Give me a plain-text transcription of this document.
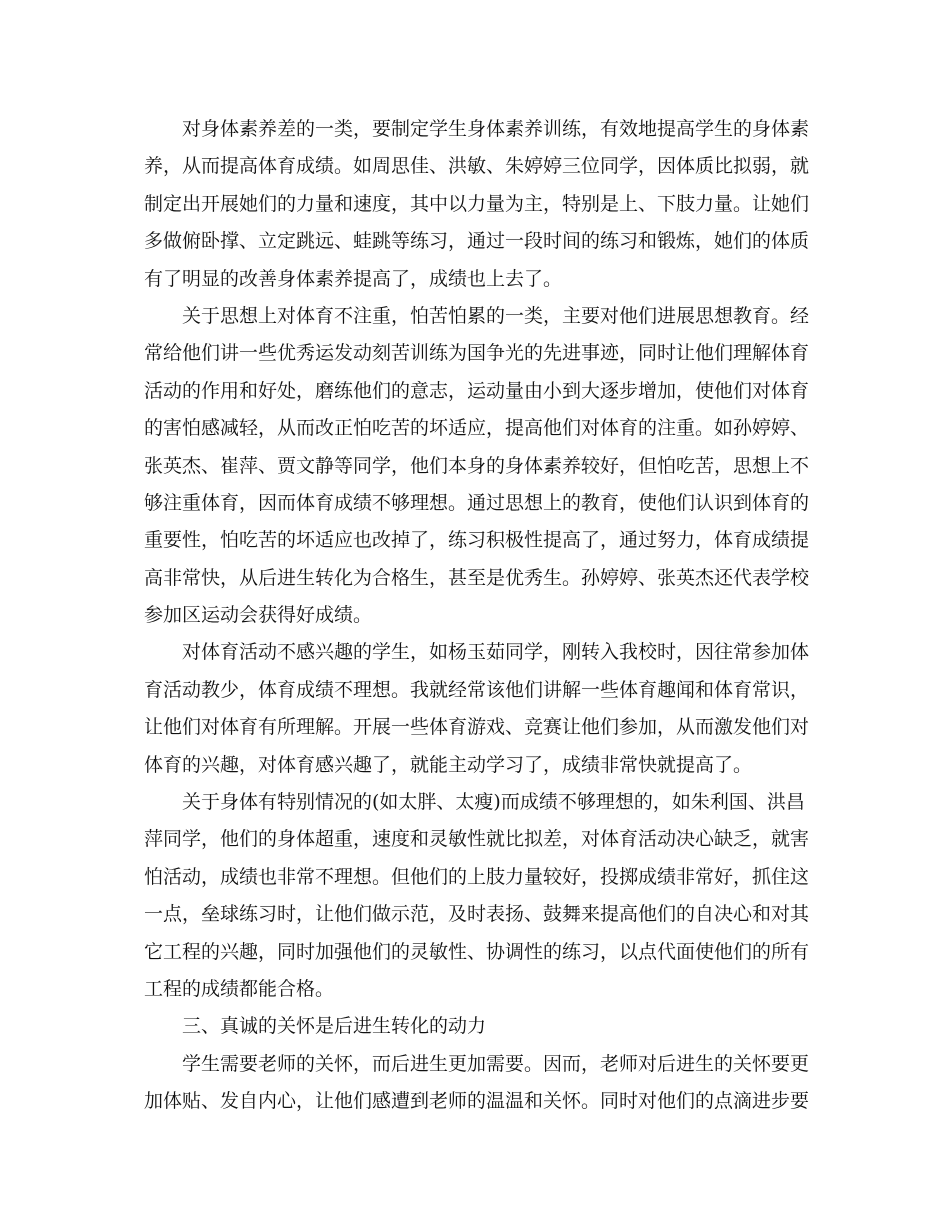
对身体素养差的一类，要制定学生身体素养训练，有效地提高学生的身体素
养，从而提高体育成绩。如周思佳、洪敏、朱婷婷三位同学，因体质比拟弱，就
制定出开展她们的力量和速度，其中以力量为主，特别是上、下肢力量。让她们
多做俯卧撑、立定跳远、蛙跳等练习，通过一段时间的练习和锻炼，她们的体质
有了明显的改善身体素养提高了，成绩也上去了。
关于思想上对体育不注重，怕苦怕累的一类，主要对他们进展思想教育。经
常给他们讲一些优秀运发动刻苦训练为国争光的先进事迹，同时让他们理解体育
活动的作用和好处，磨练他们的意志，运动量由小到大逐步增加，使他们对体育
的害怕感减轻，从而改正怕吃苦的坏适应，提高他们对体育的注重。如孙婷婷、
张英杰、崔萍、贾文静等同学，他们本身的身体素养较好，但怕吃苦，思想上不
够注重体育，因而体育成绩不够理想。通过思想上的教育，使他们认识到体育的
重要性，怕吃苦的坏适应也改掉了，练习积极性提高了，通过努力，体育成绩提
高非常快，从后进生转化为合格生，甚至是优秀生。孙婷婷、张英杰还代表学校
参加区运动会获得好成绩。
对体育活动不感兴趣的学生，如杨玉茹同学，刚转入我校时，因往常参加体
育活动教少，体育成绩不理想。我就经常该他们讲解一些体育趣闻和体育常识，
让他们对体育有所理解。开展一些体育游戏、竞赛让他们参加，从而激发他们对
体育的兴趣，对体育感兴趣了，就能主动学习了，成绩非常快就提高了。
关于身体有特别情况的(如太胖、太瘦)而成绩不够理想的，如朱利国、洪昌
萍同学，他们的身体超重，速度和灵敏性就比拟差，对体育活动决心缺乏，就害
怕活动，成绩也非常不理想。但他们的上肢力量较好，投掷成绩非常好，抓住这
一点，垒球练习时，让他们做示范，及时表扬、鼓舞来提高他们的自决心和对其
它工程的兴趣，同时加强他们的灵敏性、协调性的练习，以点代面使他们的所有
工程的成绩都能合格。
三、真诚的关怀是后进生转化的动力
学生需要老师的关怀，而后进生更加需要。因而，老师对后进生的关怀要更
加体贴、发自内心，让他们感遭到老师的温温和关怀。同时对他们的点滴进步要
